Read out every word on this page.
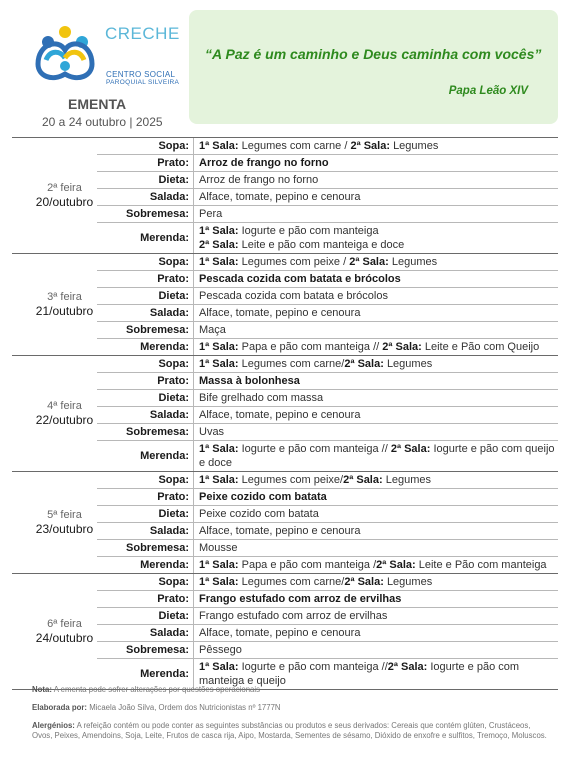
CRECHE
CENTRO SOCIAL
PAROQUIAL SILVEIRA
“A Paz é um caminho e Deus caminha com vocês”
Papa Leão XIV
EMENTA
20 a 24 outubro | 2025
2ª feira
20/outubro
Sopa: 1ª Sala: Legumes com carne / 2ª Sala: Legumes
Prato: Arroz de frango no forno
Dieta: Arroz de frango no forno
Salada: Alface, tomate, pepino e cenoura
Sobremesa: Pera
Merenda:
1ª Sala: Iogurte e pão com manteiga
2ª Sala: Leite e pão com manteiga e doce
3ª feira
21/outubro
Sopa: 1ª Sala: Legumes com peixe / 2ª Sala: Legumes
Prato: Pescada cozida com batata e brócolos
Dieta: Pescada cozida com batata e brócolos
Salada: Alface, tomate, pepino e cenoura
Sobremesa: Maça
Merenda: 1ª Sala: Papa e pão com manteiga // 2ª Sala: Leite e Pão com Queijo
4ª feira
22/outubro
Sopa: 1ª Sala: Legumes com carne/2ª Sala: Legumes
Prato: Massa à bolonhesa
Dieta: Bife grelhado com massa
Salada: Alface, tomate, pepino e cenoura
Sobremesa: Uvas
Merenda:
1ª Sala: Iogurte e pão com manteiga // 2ª Sala: Iogurte e pão com queijo e doce
5ª feira
23/outubro
Sopa: 1ª Sala: Legumes com peixe/2ª Sala: Legumes
Prato: Peixe cozido com batata
Dieta: Peixe cozido com batata
Salada: Alface, tomate, pepino e cenoura
Sobremesa: Mousse
Merenda: 1ª Sala: Papa e pão com manteiga /2ª Sala: Leite e Pão com manteiga
6ª feira
24/outubro
Sopa: 1ª Sala: Legumes com carne/2ª Sala: Legumes
Prato: Frango estufado com arroz de ervilhas
Dieta: Frango estufado com arroz de ervilhas
Salada: Alface, tomate, pepino e cenoura
Sobremesa: Pêssego
Merenda:
1ª Sala: Iogurte e pão com manteiga //2ª Sala: Iogurte e pão com manteiga e queijo

Nota: A ementa pode sofrer alterações por questões operacionais

Elaborada por: Micaela João Silva, Ordem dos Nutricionistas nº 1777N

Alergénios: A refeição contém ou pode conter as seguintes substâncias ou produtos e seus derivados: Cereais que contém glúten, Crustáceos, Ovos, Peixes, Amendoins, Soja, Leite, Frutos de casca rija, Aipo, Mostarda, Sementes de sésamo, Dióxido de enxofre e sulfitos, Tremoço, Moluscos.
